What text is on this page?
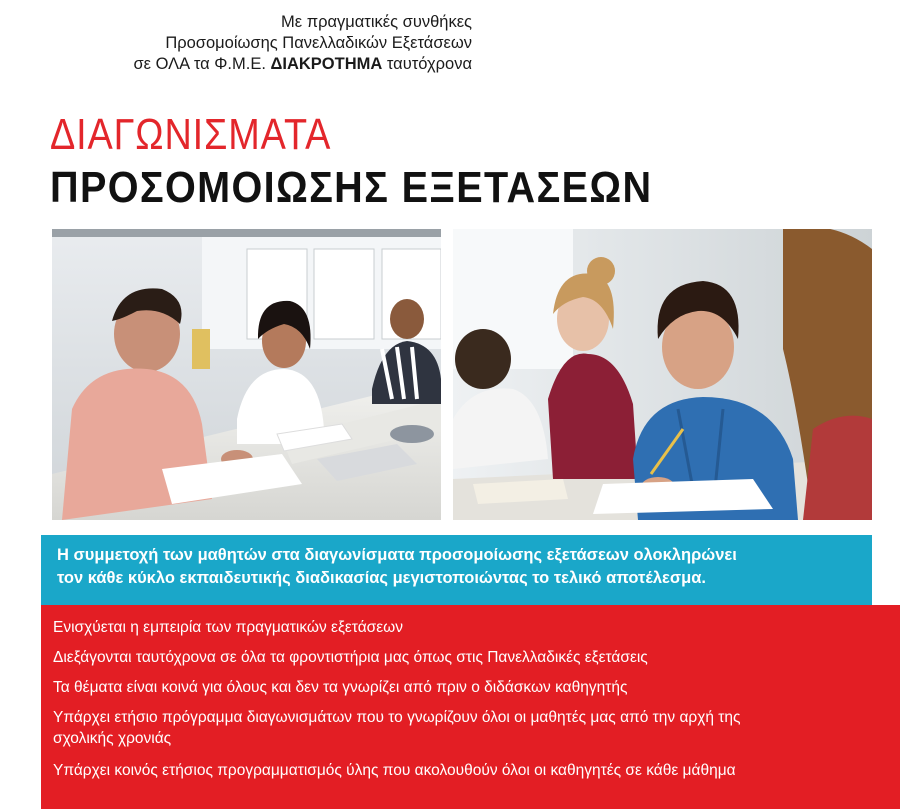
Με πραγματικές συνθήκες
Προσομοίωσης Πανελλαδικών Εξετάσεων
σε ΟΛΑ τα Φ.Μ.Ε. ΔΙΑΚΡΟΤΗΜΑ ταυτόχρονα
ΔΙΑΓΩΝΙΣΜΑΤΑ
ΠΡΟΣΟΜΟΙΩΣΗΣ ΕΞΕΤΑΣΕΩΝ
Η συμμετοχή των μαθητών στα διαγωνίσματα προσομοίωσης εξετάσεων ολοκληρώνει
τον κάθε κύκλο εκπαιδευτικής διαδικασίας μεγιστοποιώντας το τελικό αποτέλεσμα.
Ενισχύεται η εμπειρία των πραγματικών εξετάσεων
Διεξάγονται ταυτόχρονα σε όλα τα φροντιστήρια μας όπως στις Πανελλαδικές εξετάσεις
Τα θέματα είναι κοινά για όλους και δεν τα γνωρίζει από πριν ο διδάσκων καθηγητής
Υπάρχει ετήσιο πρόγραμμα διαγωνισμάτων που το γνωρίζουν όλοι οι μαθητές μας από την αρχή της
σχολικής χρονιάς
Υπάρχει κοινός ετήσιος προγραμματισμός ύλης που ακολουθούν όλοι οι καθηγητές σε κάθε μάθημα
